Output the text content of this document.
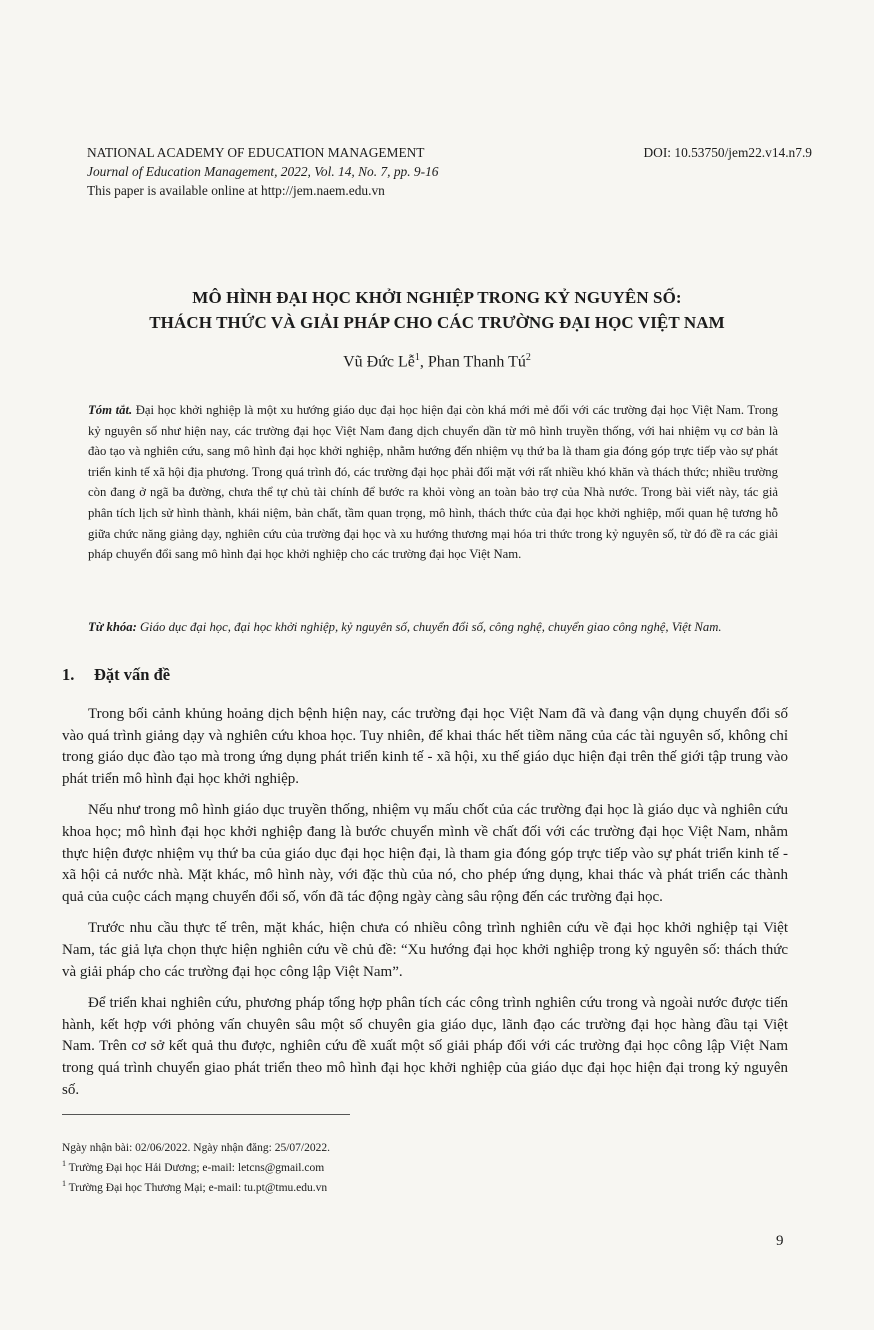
NATIONAL ACADEMY OF EDUCATION MANAGEMENT	DOI: 10.53750/jem22.v14.n7.9
Journal of Education Management, 2022, Vol. 14, No. 7, pp. 9-16
This paper is available online at http://jem.naem.edu.vn
MÔ HÌNH ĐẠI HỌC KHỞI NGHIỆP TRONG KỶ NGUYÊN SỐ:
THÁCH THỨC VÀ GIẢI PHÁP CHO CÁC TRƯỜNG ĐẠI HỌC VIỆT NAM
Vũ Đức Lễ$^1$, Phan Thanh $Tú^2$
Tóm tắt. Đại học khởi nghiệp là một xu hướng giáo dục đại học hiện đại còn khá mới mẻ đối với các trường đại học Việt Nam. Trong kỷ nguyên số như hiện nay, các trường đại học Việt Nam đang dịch chuyển dần từ mô hình truyền thống, với hai nhiệm vụ cơ bản là đào tạo và nghiên cứu, sang mô hình đại học khởi nghiệp, nhằm hướng đến nhiệm vụ thứ ba là tham gia đóng góp trực tiếp vào sự phát triển kinh tế xã hội địa phương. Trong quá trình đó, các trường đại học phải đối mặt với rất nhiều khó khăn và thách thức; nhiều trường còn đang ở ngã ba đường, chưa thể tự chủ tài chính để bước ra khỏi vòng an toàn bảo trợ của Nhà nước. Trong bài viết này, tác giả phân tích lịch sử hình thành, khái niệm, bản chất, tầm quan trọng, mô hình, thách thức của đại học khởi nghiệp, mối quan hệ tương hỗ giữa chức năng giảng dạy, nghiên cứu của trường đại học và xu hướng thương mại hóa tri thức trong kỷ nguyên số, từ đó đề ra các giải pháp chuyển đổi sang mô hình đại học khởi nghiệp cho các trường đại học Việt Nam.
Từ khóa: Giáo dục đại học, đại học khởi nghiệp, kỷ nguyên số, chuyển đổi số, công nghệ, chuyển giao công nghệ, Việt Nam.
1. Đặt vấn đề

Trong bối cảnh khủng hoảng dịch bệnh hiện nay, các trường đại học Việt Nam đã và đang vận dụng chuyển đổi số vào quá trình giảng dạy và nghiên cứu khoa học. Tuy nhiên, để khai thác hết tiềm năng của các tài nguyên số, không chỉ trong giáo dục đào tạo mà trong ứng dụng phát triển kinh tế - xã hội, xu thế giáo dục hiện đại trên thế giới tập trung vào phát triển mô hình đại học khởi nghiệp.

Nếu như trong mô hình giáo dục truyền thống, nhiệm vụ mấu chốt của các trường đại học là giáo dục và nghiên cứu khoa học; mô hình đại học khởi nghiệp đang là bước chuyển mình về chất đối với các trường đại học Việt Nam, nhằm thực hiện được nhiệm vụ thứ ba của giáo dục đại học hiện đại, là tham gia đóng góp trực tiếp vào sự phát triển kinh tế - xã hội cả nước nhà. Mặt khác, mô hình này, với đặc thù của nó, cho phép ứng dụng, khai thác và phát triển các thành quả của cuộc cách mạng chuyển đổi số, vốn đã tác động ngày càng sâu rộng đến các trường đại học.

Trước nhu cầu thực tế trên, mặt khác, hiện chưa có nhiều công trình nghiên cứu về đại học khởi nghiệp tại Việt Nam, tác giả lựa chọn thực hiện nghiên cứu về chủ đề: “Xu hướng đại học khởi nghiệp trong kỷ nguyên số: thách thức và giải pháp cho các trường đại học công lập Việt Nam”.

Để triển khai nghiên cứu, phương pháp tổng hợp phân tích các công trình nghiên cứu trong và ngoài nước được tiến hành, kết hợp với phỏng vấn chuyên sâu một số chuyên gia giáo dục, lãnh đạo các trường đại học hàng đầu tại Việt Nam. Trên cơ sở kết quả thu được, nghiên cứu đề xuất một số giải pháp đối với các trường đại học công lập Việt Nam trong quá trình chuyển giao phát triển theo mô hình đại học khởi nghiệp của giáo dục đại học hiện đại trong kỷ nguyên số.

Ngày nhận bài: 02/06/2022. Ngày nhận đăng: 25/07/2022.
$^1$ Trường Đại học Hải Dương; e-mail: letcns@gmail.com
$^1$ Trường Đại học Thương Mại; e-mail: tu.pt@tmu.edu.vn
9
